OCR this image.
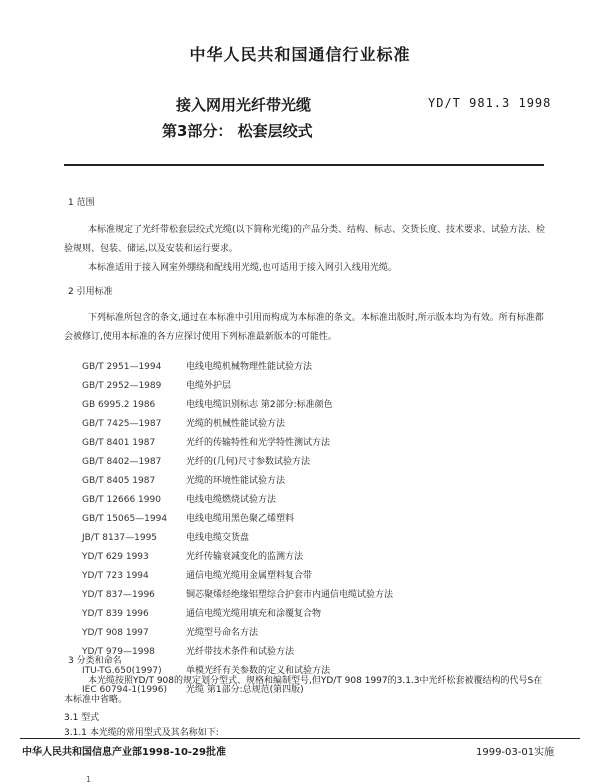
中华人民共和国通信行业标准
接入网用光纤带光缆
第3部分： 松套层绞式
YD/T 981.3 1998
1 范围
本标准规定了光纤带松套层绞式光缆(以下简称光缆)的产品分类、结构、标志、交货长度、技术要求、试验方法、检验规则、包装、储运,以及安装和运行要求。
本标准适用于接入网室外绷绕和配线用光缆,也可适用于接入网引入线用光缆。
2 引用标准
下列标准所包含的条文,通过在本标准中引用而构成为本标准的条文。本标准出版时,所示版本均为有效。所有标准都会被修订,使用本标准的各方应探讨使用下列标准最新版本的可能性。
GB/T 2951—1994	电线电缆机械物理性能试验方法
GB/T 2952—1989	电缆外护层
GB 6995.2 1986	电线电缆识别标志 第2部分:标准颜色
GB/T 7425—1987	光缆的机械性能试验方法
GB/T 8401 1987	光纤的传输特性和光学特性测试方法
GB/T 8402—1987	光纤的(几何)尺寸参数试验方法
GB/T 8405 1987	光缆的环境性能试验方法
GB/T 12666 1990	电线电缆燃烧试验方法
GB/T 15065—1994 电线电缆用黑色聚乙烯塑料
JB/T 8137—1995	电线电缆交货盘
YD/T 629 1993	光纤传输衰减变化的监测方法
YD/T 723 1994	通信电缆光缆用金属塑料复合带
YD/T 837—1996	铜芯聚烯烃绝缘铝塑综合护套市内通信电缆试验方法
YD/T 839 1996	通信电缆光缆用填充和涂覆复合物
YD/T 908 1997	光缆型号命名方法
YD/T 979—1998	光纤带技术条件和试验方法
ITU-TG.650(1997)	单模光纤有关参数的定义和试验方法
IEC 60794-1(1996) 光缆 第1部分:总规范(第四版)
3 分类和命名
本光缆按照YD/T 908的规定划分型式、规格和编制型号,但YD/T 908 1997的3.1.3中光纤松套被覆结构的代号S在本标准中省略。
3.1 型式
3.1.1 本光缆的常用型式及其名称如下:
中华人民共和国信息产业部1998-10-29批准	1999-03-01实施
1
